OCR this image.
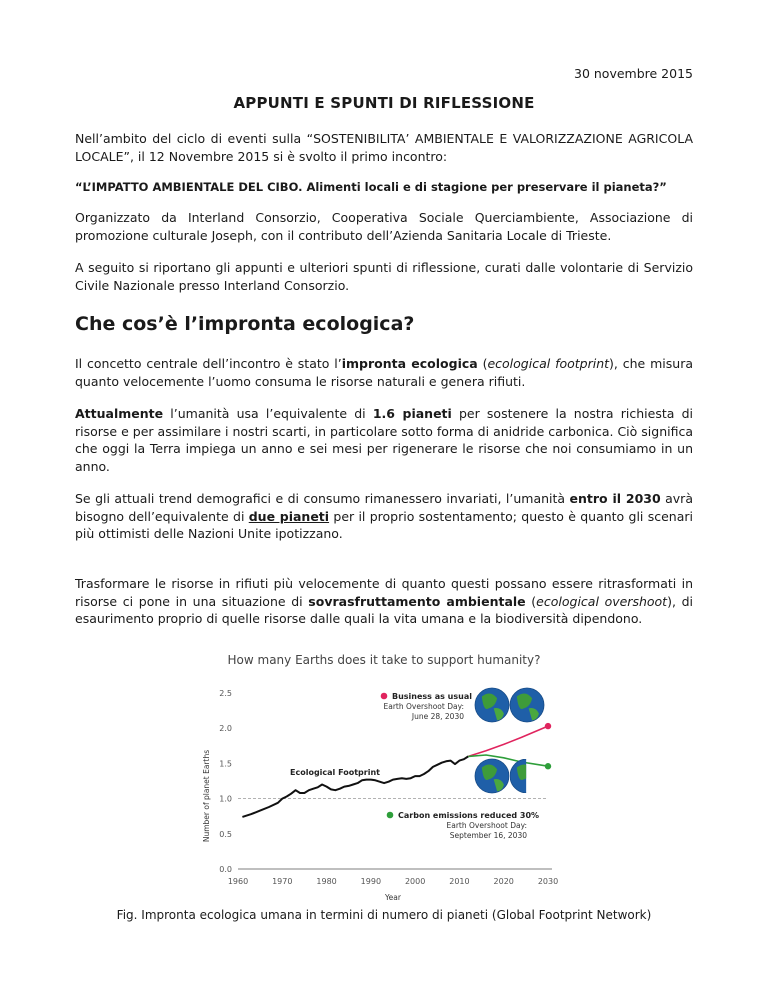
30 novembre 2015
APPUNTI E SPUNTI DI RIFLESSIONE
Nell’ambito del ciclo di eventi sulla “SOSTENIBILITA’ AMBIENTALE E VALORIZZAZIONE AGRICOLA LOCALE”, il 12 Novembre 2015 si è svolto il primo incontro:
“L’IMPATTO AMBIENTALE DEL CIBO. Alimenti locali e di stagione per preservare il pianeta?”
Organizzato da Interland Consorzio, Cooperativa Sociale Querciambiente, Associazione di promozione culturale Joseph, con il contributo dell’Azienda Sanitaria Locale di Trieste.
A seguito si riportano gli appunti e ulteriori spunti di riflessione, curati dalle volontarie di Servizio Civile Nazionale presso Interland Consorzio.
Che cos’è l’impronta ecologica?
Il concetto centrale dell’incontro è stato l’impronta ecologica (ecological footprint), che misura quanto velocemente l’uomo consuma le risorse naturali e genera rifiuti.
Attualmente l’umanità usa l’equivalente di 1.6 pianeti per sostenere la nostra richiesta di risorse e per assimilare i nostri scarti, in particolare sotto forma di anidride carbonica. Ciò significa che oggi la Terra impiega un anno e sei mesi per rigenerare le risorse che noi consumiamo in un anno.
Se gli attuali trend demografici e di consumo rimanessero invariati, l’umanità entro il 2030 avrà bisogno dell’equivalente di due pianeti per il proprio sostentamento; questo è quanto gli scenari più ottimisti delle Nazioni Unite ipotizzano.
Trasformare le risorse in rifiuti più velocemente di quanto questi possano essere ritrasformati in risorse ci pone in una situazione di sovrasfruttamento ambientale (ecological overshoot), di esaurimento proprio di quelle risorse dalle quali la vita umana e la biodiversità dipendono.
How many Earths does it take to support humanity?
0.0
0.5
1.0
1.5
2.0
2.5
1960	1970	1980	1990	2000	2010	2020	2030
Year
Number of planet Earths
Business as usual
Earth Overshoot Day:
June 28, 2030
Carbon emissions reduced 30%
Earth Overshoot Day:
September 16, 2030
Ecological Footprint
Fig. Impronta ecologica umana in termini di numero di pianeti (Global Footprint Network)
